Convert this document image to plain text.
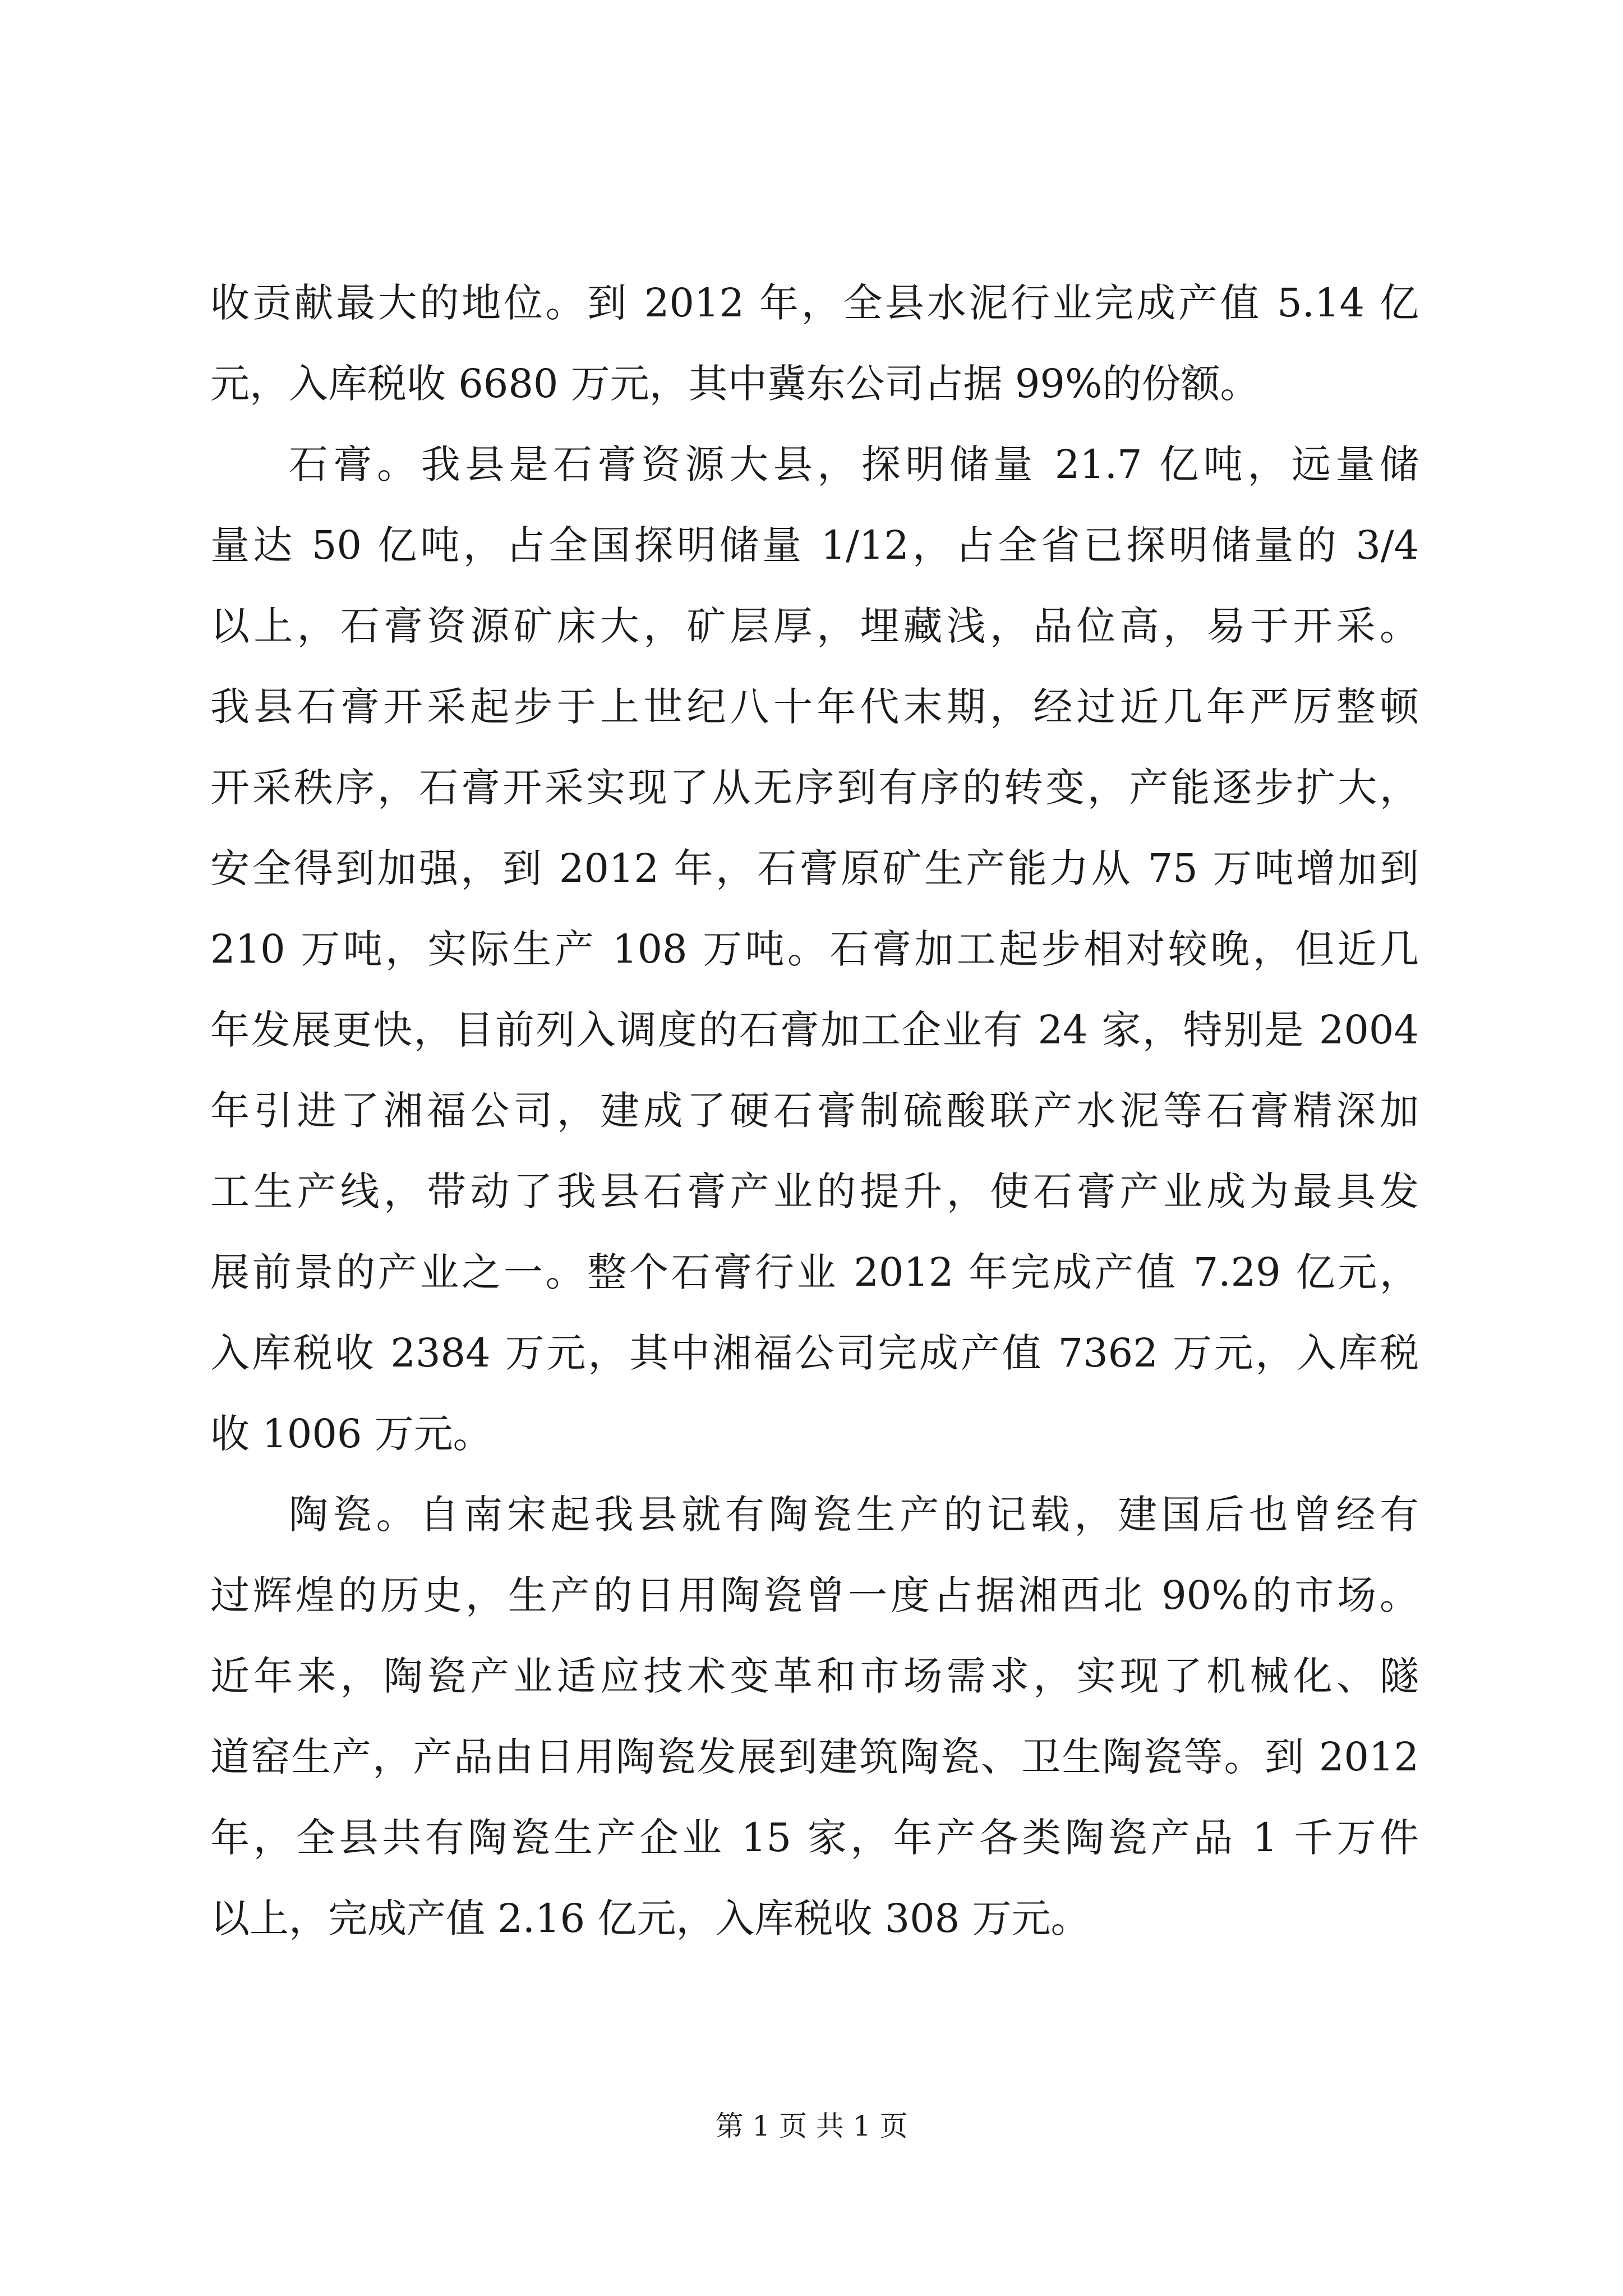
收贡献最大的地位。到 2012 年，全县水泥行业完成产值 5.14 亿
元，入库税收 6680 万元，其中冀东公司占据 99%的份额。
石膏。我县是石膏资源大县，探明储量 21.7 亿吨，远量储
量达 50 亿吨，占全国探明储量 1/12，占全省已探明储量的 3/4
以上，石膏资源矿床大，矿层厚，埋藏浅，品位高，易于开采。
我县石膏开采起步于上世纪八十年代末期，经过近几年严厉整顿
开采秩序，石膏开采实现了从无序到有序的转变，产能逐步扩大，
安全得到加强，到 2012 年，石膏原矿生产能力从 75 万吨增加到
210 万吨，实际生产 108 万吨。石膏加工起步相对较晚，但近几
年发展更快，目前列入调度的石膏加工企业有 24 家，特别是 2004
年引进了湘福公司，建成了硬石膏制硫酸联产水泥等石膏精深加
工生产线，带动了我县石膏产业的提升，使石膏产业成为最具发
展前景的产业之一。整个石膏行业 2012 年完成产值 7.29 亿元，
入库税收 2384 万元，其中湘福公司完成产值 7362 万元，入库税
收 1006 万元。
陶瓷。自南宋起我县就有陶瓷生产的记载，建国后也曾经有
过辉煌的历史，生产的日用陶瓷曾一度占据湘西北 90%的市场。
近年来，陶瓷产业适应技术变革和市场需求，实现了机械化、隧
道窑生产，产品由日用陶瓷发展到建筑陶瓷、卫生陶瓷等。到 2012
年，全县共有陶瓷生产企业 15 家，年产各类陶瓷产品 1 千万件
以上，完成产值 2.16 亿元，入库税收 308 万元。
第 1 页 共 1 页
